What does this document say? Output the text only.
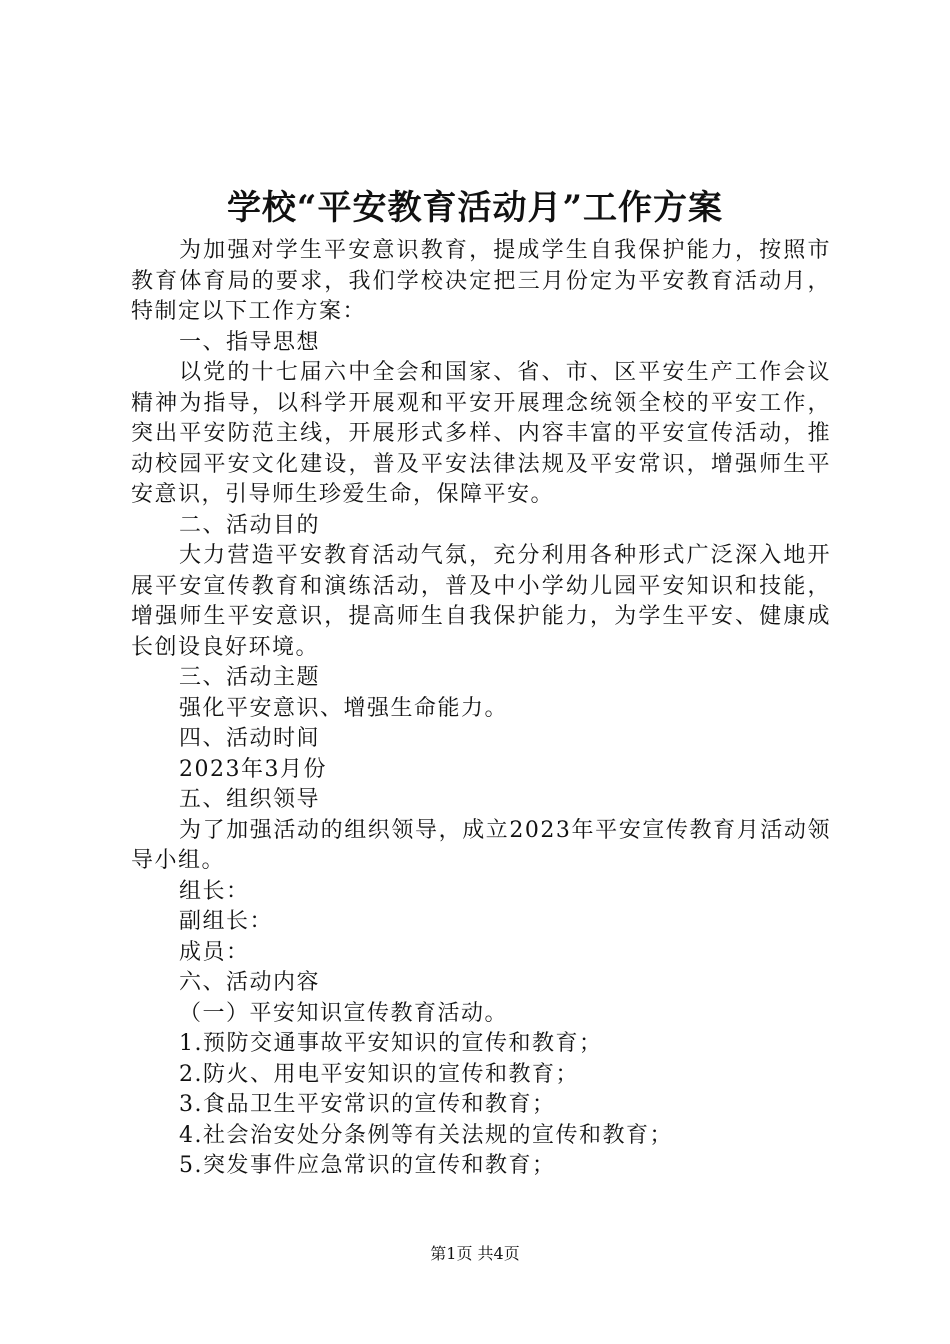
学校“平安教育活动月”工作方案

为加强对学生平安意识教育，提成学生自我保护能力，按照市教育体育局的要求，我们学校决定把三月份定为平安教育活动月，特制定以下工作方案：

一、指导思想

以党的十七届六中全会和国家、省、市、区平安生产工作会议精神为指导，以科学开展观和平安开展理念统领全校的平安工作，突出平安防范主线，开展形式多样、内容丰富的平安宣传活动，推动校园平安文化建设，普及平安法律法规及平安常识，增强师生平安意识，引导师生珍爱生命，保障平安。

二、活动目的

大力营造平安教育活动气氛，充分利用各种形式广泛深入地开展平安宣传教育和演练活动，普及中小学幼儿园平安知识和技能，增强师生平安意识，提高师生自我保护能力，为学生平安、健康成长创设良好环境。

三、活动主题

强化平安意识、增强生命能力。

四、活动时间

2023年3月份

五、组织领导

为了加强活动的组织领导，成立2023年平安宣传教育月活动领导小组。

组长：

副组长：

成员：

六、活动内容

（一）平安知识宣传教育活动。

1.预防交通事故平安知识的宣传和教育；

2.防火、用电平安知识的宣传和教育；

3.食品卫生平安常识的宣传和教育；

4.社会治安处分条例等有关法规的宣传和教育；

5.突发事件应急常识的宣传和教育；

第1页 共4页
